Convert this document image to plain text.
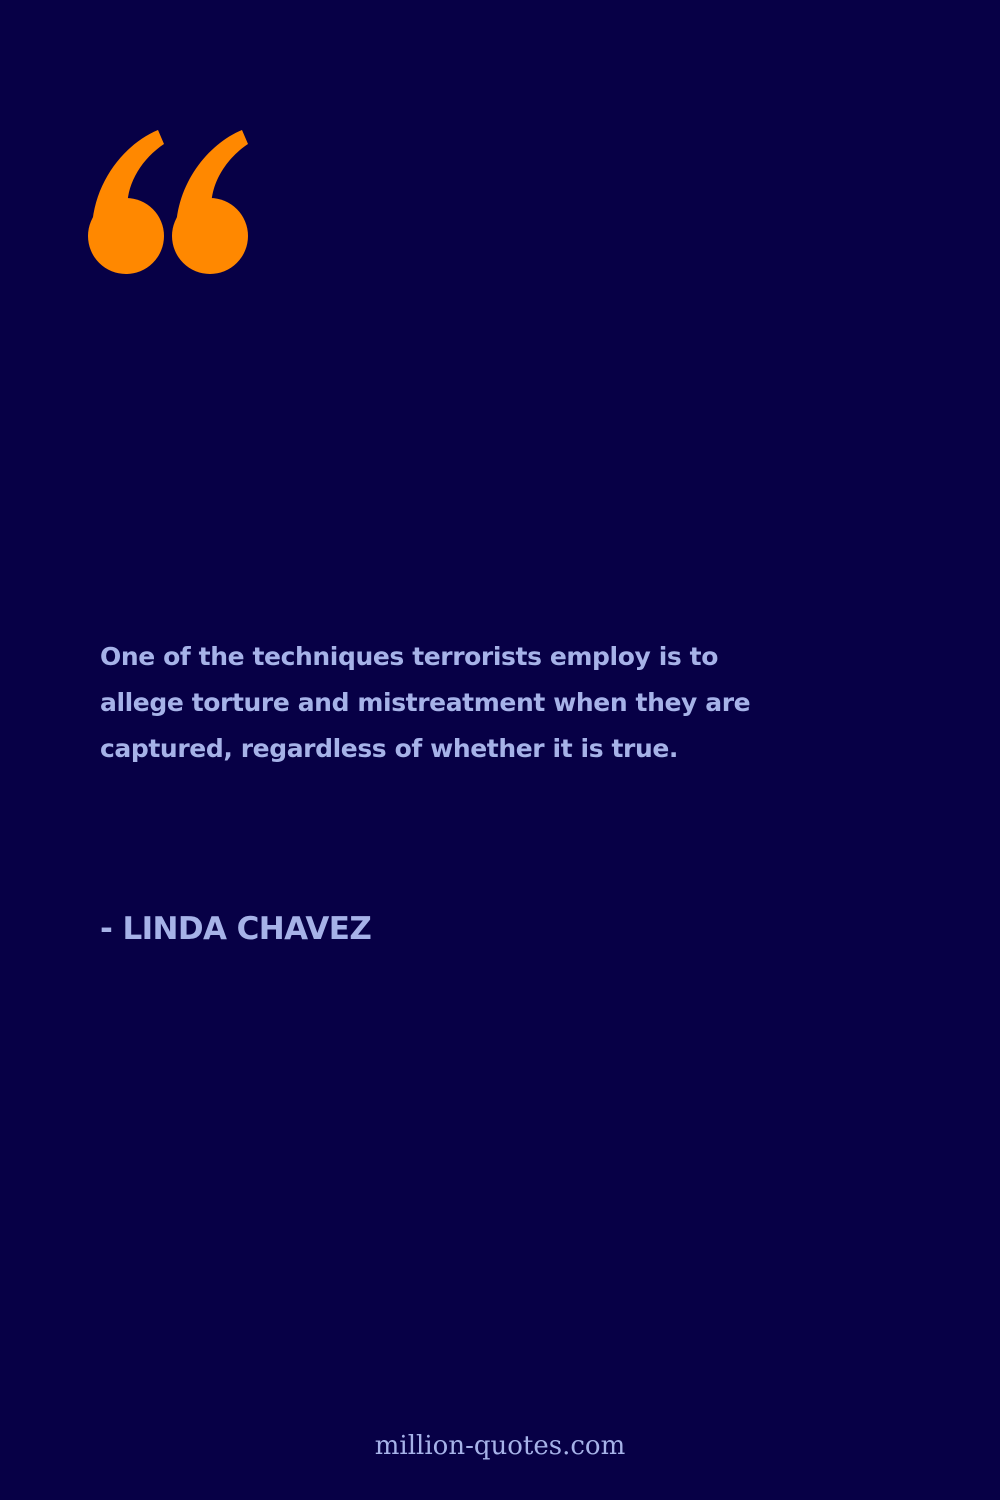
One of the techniques terrorists employ is to allege torture and mistreatment when they are captured, regardless of whether it is true.

- LINDA CHAVEZ

million-quotes.com
